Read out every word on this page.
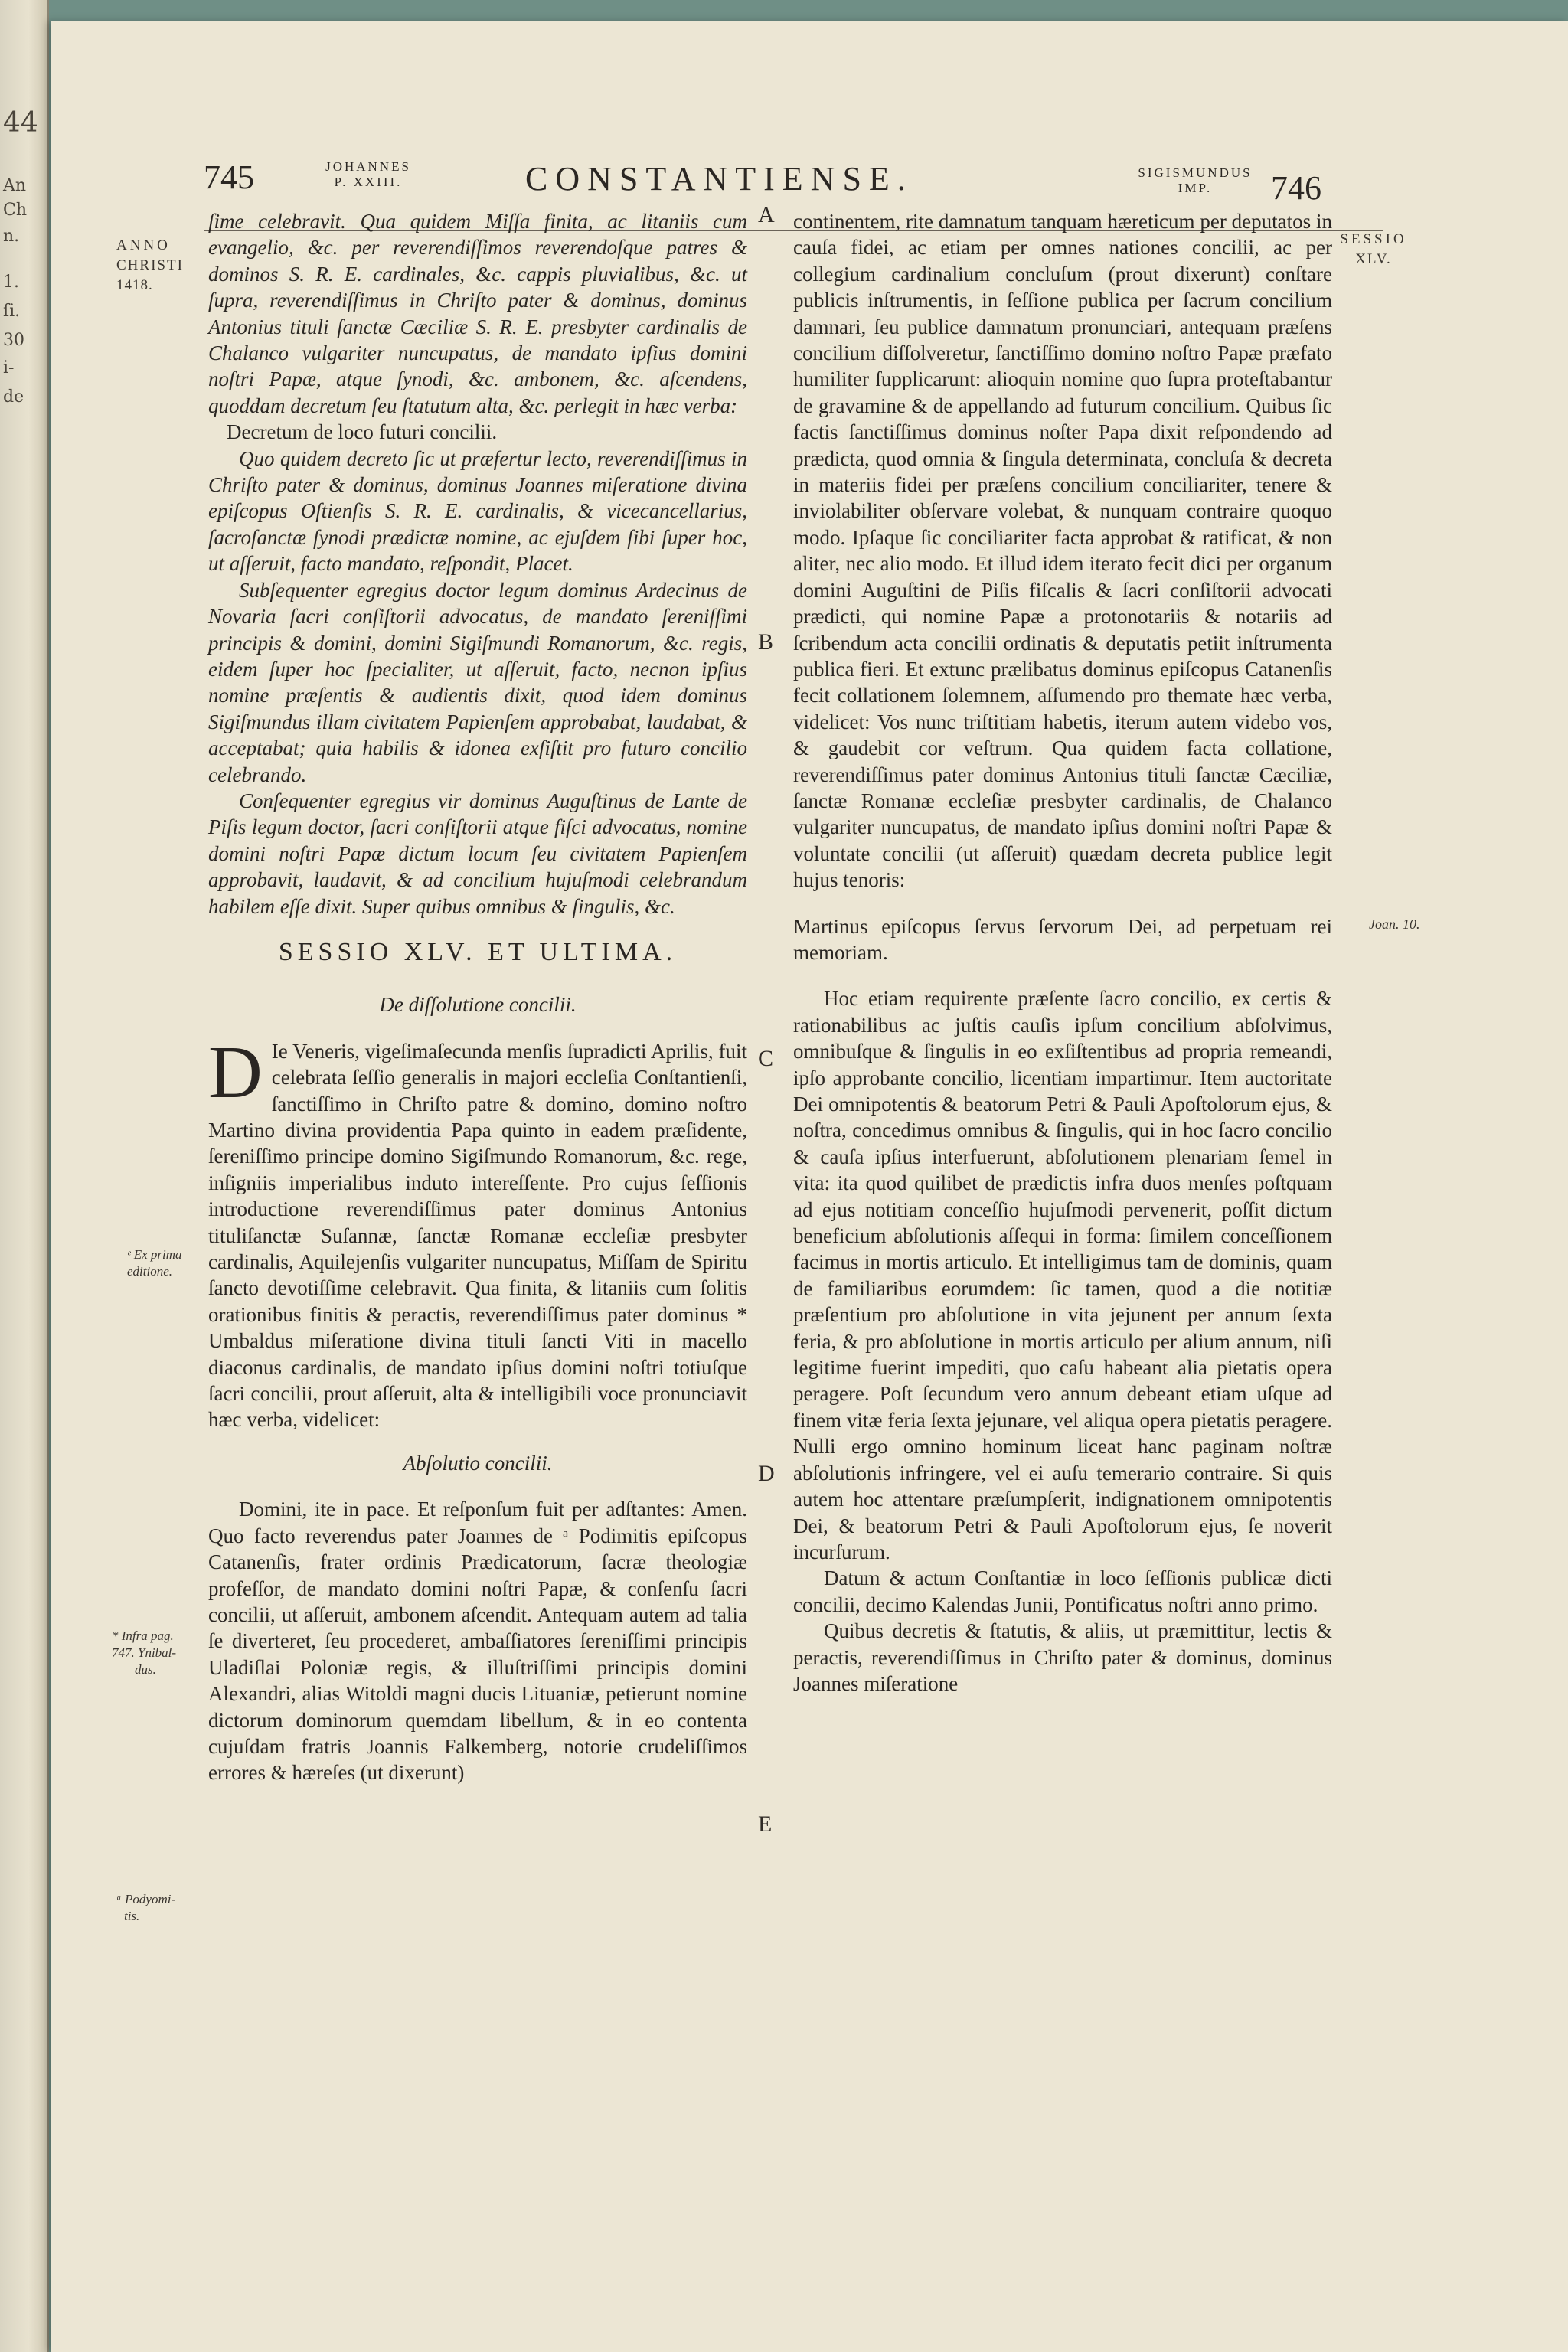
44
An
Ch
n.
1.
ſi.
30
i-
de
745	JOHANNES
P. XXIII.	CONSTANTIENSE.	SIGISMUNDUS
IMP.	746
ANNO
CHRISTI
1418.
ᵉ Ex prima
editione.
* Infra pag.
747. Ynibal-
dus.
ᵃ Podyomi-
tis.
SESSIO
XLV.
Joan. 10.
A
B
C
D
E

ſime celebravit. Qua quidem Miſſa finita, ac litaniis cum evangelio, &c. per reverendiſſimos reverendoſque patres & dominos S. R. E. cardinales, &c. cappis pluvialibus, &c. ut ſupra, reverendiſſimus in Chriſto pater & dominus, dominus Antonius tituli ſanctæ Cæciliæ S. R. E. presbyter cardinalis de Chalanco vulgariter nuncupatus, de mandato ipſius domini noſtri Papæ, atque ſynodi, &c. ambonem, &c. aſcendens, quoddam decretum ſeu ſtatutum alta, &c. perlegit in hæc verba:

Decretum de loco futuri concilii.

Quo quidem decreto ſic ut præfertur lecto, reverendiſſimus in Chriſto pater & dominus, dominus Joannes miſeratione divina epiſcopus Oſtienſis S. R. E. cardinalis, & vicecancellarius, ſacroſanctæ ſynodi prædictæ nomine, ac ejuſdem ſibi ſuper hoc, ut aſſeruit, facto mandato, reſpondit, Placet.

Subſequenter egregius doctor legum dominus Ardecinus de Novaria ſacri conſiſtorii advocatus, de mandato ſereniſſimi principis & domini, domini Sigiſmundi Romanorum, &c. regis, eidem ſuper hoc ſpecialiter, ut aſſeruit, facto, necnon ipſius nomine præſentis & audientis dixit, quod idem dominus Sigiſmundus illam civitatem Papienſem approbabat, laudabat, & acceptabat; quia habilis & idonea exſiſtit pro futuro concilio celebrando.

Conſequenter egregius vir dominus Auguſtinus de Lante de Piſis legum doctor, ſacri conſiſtorii atque fiſci advocatus, nomine domini noſtri Papæ dictum locum ſeu civitatem Papienſem approbavit, laudavit, & ad concilium hujuſmodi celebrandum habilem eſſe dixit. Super quibus omnibus & ſingulis, &c.

SESSIO XLV. ET ULTIMA.
De diſſolutione concilii.

D Ie Veneris, vigeſimaſecunda menſis ſupradicti Aprilis, fuit celebrata ſeſſio generalis in majori eccleſia Conſtantienſi, ſanctiſſimo in Chriſto patre & domino, domino noſtro Martino divina providentia Papa quinto in eadem præſidente, ſereniſſimo principe domino Sigiſmundo Romanorum, &c. rege, inſigniis imperialibus induto intereſſente. Pro cujus ſeſſionis introductione reverendiſſimus pater dominus Antonius tituliſanctæ Suſannæ, ſanctæ Romanæ eccleſiæ presbyter cardinalis, Aquilejenſis vulgariter nuncupatus, Miſſam de Spiritu ſancto devotiſſime celebravit. Qua finita, & litaniis cum ſolitis orationibus finitis & peractis, reverendiſſimus pater dominus * Umbaldus miſeratione divina tituli ſancti Viti in macello diaconus cardinalis, de mandato ipſius domini noſtri totiuſque ſacri concilii, prout aſſeruit, alta & intelligibili voce pronunciavit hæc verba, videlicet:

Abſolutio concilii.

Domini, ite in pace. Et reſponſum fuit per adſtantes: Amen. Quo facto reverendus pater Joannes de ᵃ Podimitis epiſcopus Catanenſis, frater ordinis Prædicatorum, ſacræ theologiæ profeſſor, de mandato domini noſtri Papæ, & conſenſu ſacri concilii, ut aſſeruit, ambonem aſcendit. Antequam autem ad talia ſe diverteret, ſeu procederet, ambaſſiatores ſereniſſimi principis Uladiſlai Poloniæ regis, & illuſtriſſimi principis domini Alexandri, alias Witoldi magni ducis Lituaniæ, petierunt nomine dictorum dominorum quemdam libellum, & in eo contenta cujuſdam fratris Joannis Falkemberg, notorie crudeliſſimos errores & hæreſes (ut dixerunt)

continentem, rite damnatum tanquam hæreticum per deputatos in cauſa fidei, ac etiam per omnes nationes concilii, ac per collegium cardinalium concluſum (prout dixerunt) conſtare publicis inſtrumentis, in ſeſſione publica per ſacrum concilium damnari, ſeu publice damnatum pronunciari, antequam præſens concilium diſſolveretur, ſanctiſſimo domino noſtro Papæ præfato humiliter ſupplicarunt: alioquin nomine quo ſupra proteſtabantur de gravamine & de appellando ad futurum concilium. Quibus ſic factis ſanctiſſimus dominus noſter Papa dixit reſpondendo ad prædicta, quod omnia & ſingula determinata, concluſa & decreta in materiis fidei per præſens concilium conciliariter, tenere & inviolabiliter obſervare volebat, & nunquam contraire quoquo modo. Ipſaque ſic conciliariter facta approbat & ratificat, & non aliter, nec alio modo. Et illud idem iterato fecit dici per organum domini Auguſtini de Piſis fiſcalis & ſacri conſiſtorii advocati prædicti, qui nomine Papæ a protonotariis & notariis ad ſcribendum acta concilii ordinatis & deputatis petiit inſtrumenta publica fieri. Et extunc prælibatus dominus epiſcopus Catanenſis fecit collationem ſolemnem, aſſumendo pro themate hæc verba, videlicet: Vos nunc triſtitiam habetis, iterum autem videbo vos, & gaudebit cor veſtrum. Qua quidem facta collatione, reverendiſſimus pater dominus Antonius tituli ſanctæ Cæciliæ, ſanctæ Romanæ eccleſiæ presbyter cardinalis, de Chalanco vulgariter nuncupatus, de mandato ipſius domini noſtri Papæ & voluntate concilii (ut aſſeruit) quædam decreta publice legit hujus tenoris:

Martinus epiſcopus ſervus ſervorum Dei, ad perpetuam rei memoriam.

Hoc etiam requirente præſente ſacro concilio, ex certis & rationabilibus ac juſtis cauſis ipſum concilium abſolvimus, omnibuſque & ſingulis in eo exſiſtentibus ad propria remeandi, ipſo approbante concilio, licentiam impartimur. Item auctoritate Dei omnipotentis & beatorum Petri & Pauli Apoſtolorum ejus, & noſtra, concedimus omnibus & ſingulis, qui in hoc ſacro concilio & cauſa ipſius interfuerunt, abſolutionem plenariam ſemel in vita: ita quod quilibet de prædictis infra duos menſes poſtquam ad ejus notitiam conceſſio hujuſmodi pervenerit, poſſit dictum beneficium abſolutionis aſſequi in forma: ſimilem conceſſionem facimus in mortis articulo. Et intelligimus tam de dominis, quam de familiaribus eorumdem: ſic tamen, quod a die notitiæ præſentium pro abſolutione in vita jejunent per annum ſexta feria, & pro abſolutione in mortis articulo per alium annum, niſi legitime fuerint impediti, quo caſu habeant alia pietatis opera peragere. Poſt ſecundum vero annum debeant etiam uſque ad finem vitæ feria ſexta jejunare, vel aliqua opera pietatis peragere. Nulli ergo omnino hominum liceat hanc paginam noſtræ abſolutionis infringere, vel ei auſu temerario contraire. Si quis autem hoc attentare præſumpſerit, indignationem omnipotentis Dei, & beatorum Petri & Pauli Apoſtolorum ejus, ſe noverit incurſurum.

Datum & actum Conſtantiæ in loco ſeſſionis publicæ dicti concilii, decimo Kalendas Junii, Pontificatus noſtri anno primo.

Quibus decretis & ſtatutis, & aliis, ut præmittitur, lectis & peractis, reverendiſſimus in Chriſto pater & dominus, dominus Joannes miſeratione
